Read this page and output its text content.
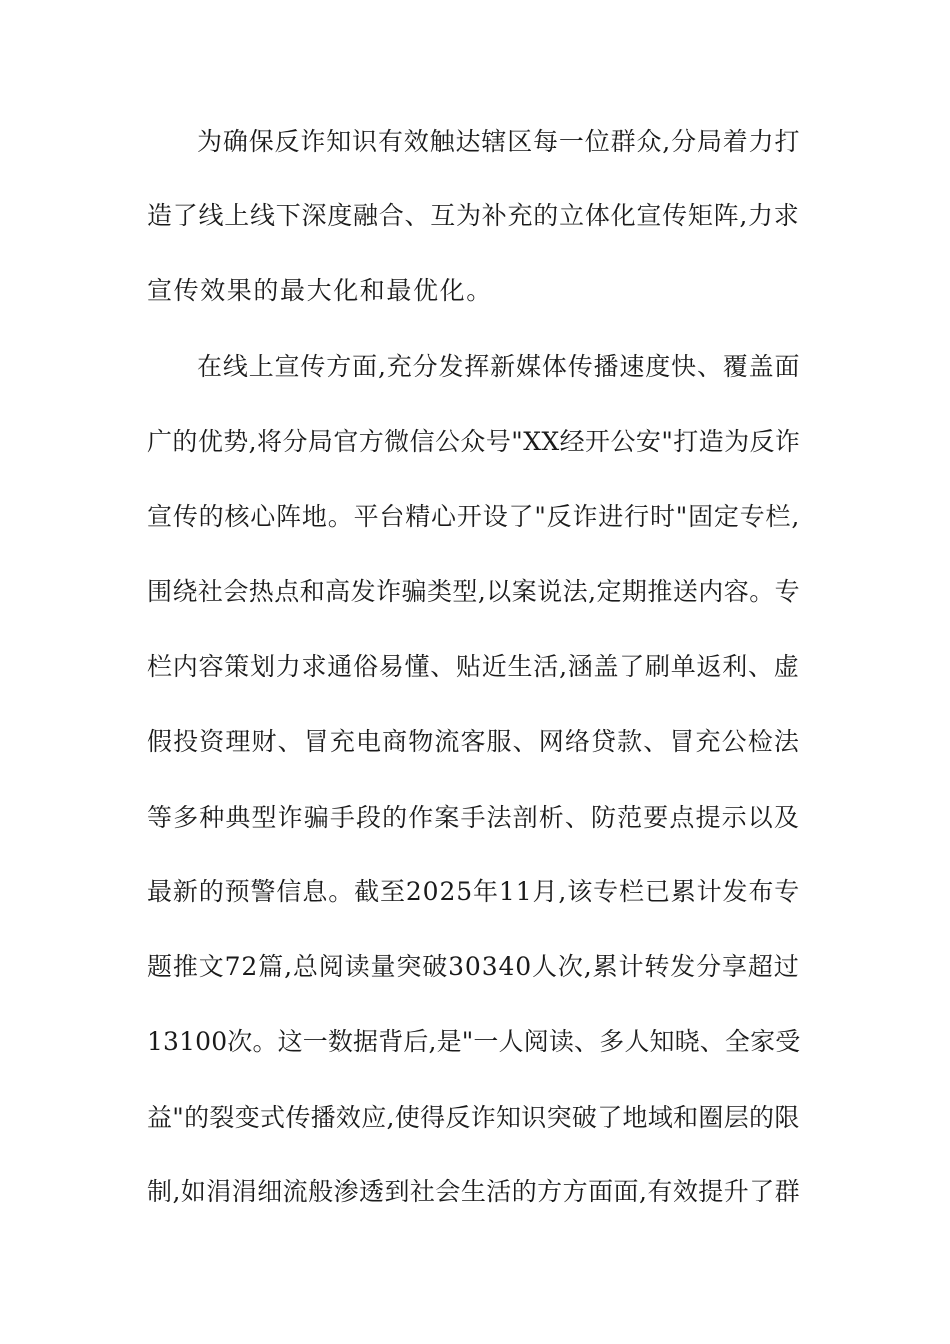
为确保反诈知识有效触达辖区每一位群众,分局着力打
造了线上线下深度融合、互为补充的立体化宣传矩阵,力求
宣传效果的最大化和最优化。
在线上宣传方面,充分发挥新媒体传播速度快、覆盖面
广的优势,将分局官方微信公众号"XX经开公安"打造为反诈
宣传的核心阵地。平台精心开设了"反诈进行时"固定专栏,
围绕社会热点和高发诈骗类型,以案说法,定期推送内容。专
栏内容策划力求通俗易懂、贴近生活,涵盖了刷单返利、虚
假投资理财、冒充电商物流客服、网络贷款、冒充公检法
等多种典型诈骗手段的作案手法剖析、防范要点提示以及
最新的预警信息。截至2025年11月,该专栏已累计发布专
题推文72篇,总阅读量突破30340人次,累计转发分享超过
13100次。这一数据背后,是"一人阅读、多人知晓、全家受
益"的裂变式传播效应,使得反诈知识突破了地域和圈层的限
制,如涓涓细流般渗透到社会生活的方方面面,有效提升了群
